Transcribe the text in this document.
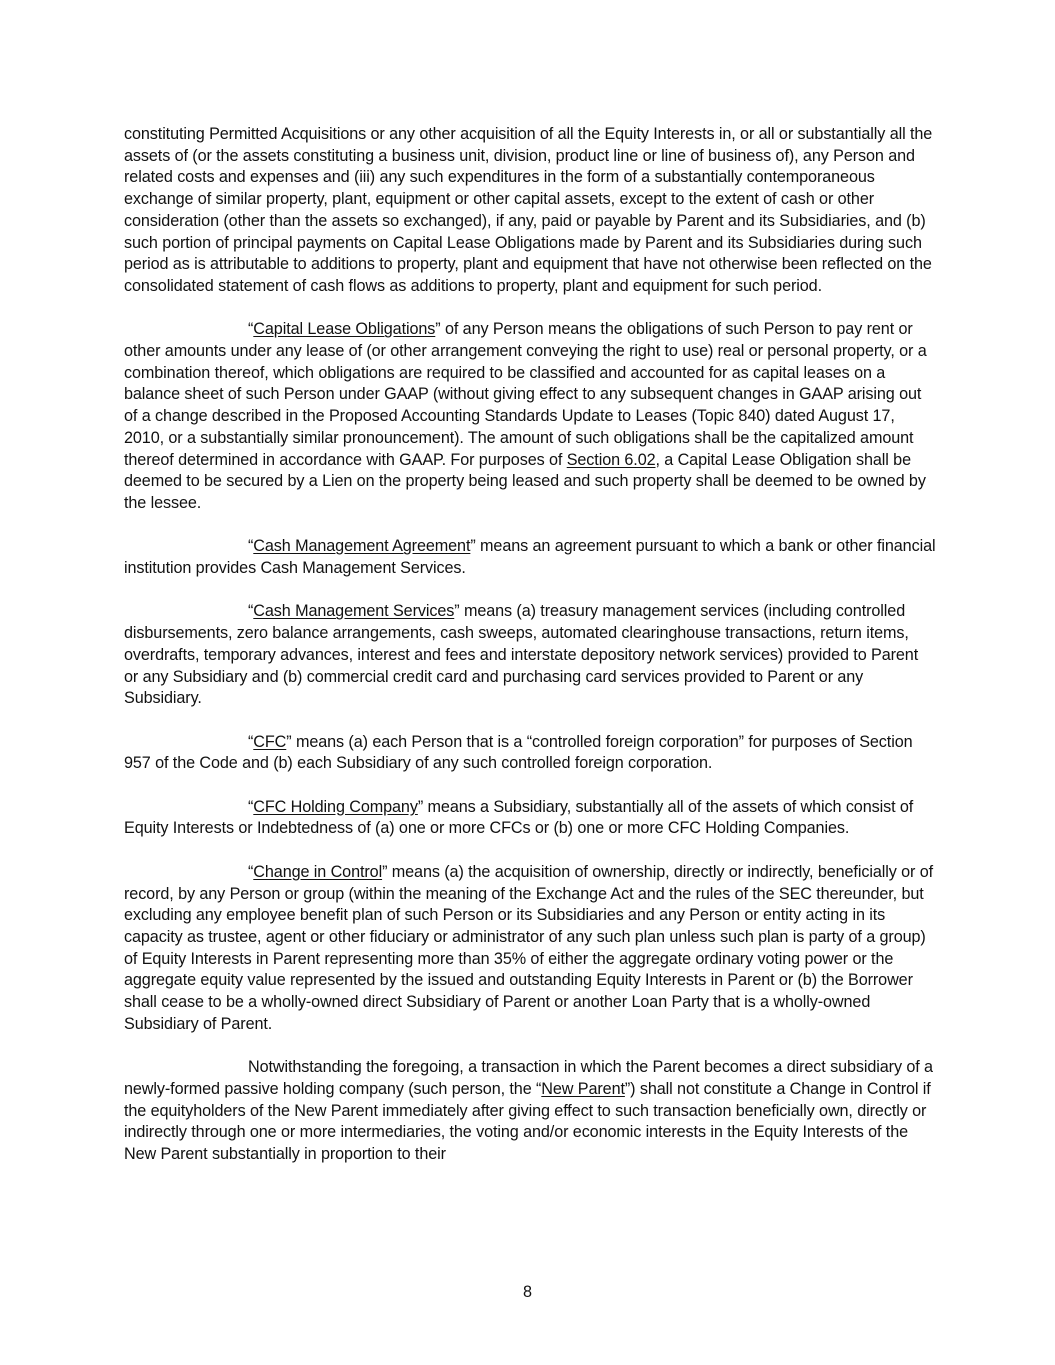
constituting Permitted Acquisitions or any other acquisition of all the Equity Interests in, or all or substantially all the assets of (or the assets constituting a business unit, division, product line or line of business of), any Person and related costs and expenses and (iii) any such expenditures in the form of a substantially contemporaneous exchange of similar property, plant, equipment or other capital assets, except to the extent of cash or other consideration (other than the assets so exchanged), if any, paid or payable by Parent and its Subsidiaries, and (b) such portion of principal payments on Capital Lease Obligations made by Parent and its Subsidiaries during such period as is attributable to additions to property, plant and equipment that have not otherwise been reflected on the consolidated statement of cash flows as additions to property, plant and equipment for such period.

“Capital Lease Obligations” of any Person means the obligations of such Person to pay rent or other amounts under any lease of (or other arrangement conveying the right to use) real or personal property, or a combination thereof, which obligations are required to be classified and accounted for as capital leases on a balance sheet of such Person under GAAP (without giving effect to any subsequent changes in GAAP arising out of a change described in the Proposed Accounting Standards Update to Leases (Topic 840) dated August 17, 2010, or a substantially similar pronouncement). The amount of such obligations shall be the capitalized amount thereof determined in accordance with GAAP. For purposes of Section 6.02, a Capital Lease Obligation shall be deemed to be secured by a Lien on the property being leased and such property shall be deemed to be owned by the lessee.

“Cash Management Agreement” means an agreement pursuant to which a bank or other financial institution provides Cash Management Services.

“Cash Management Services” means (a) treasury management services (including controlled disbursements, zero balance arrangements, cash sweeps, automated clearinghouse transactions, return items, overdrafts, temporary advances, interest and fees and interstate depository network services) provided to Parent or any Subsidiary and (b) commercial credit card and purchasing card services provided to Parent or any Subsidiary.

“CFC” means (a) each Person that is a “controlled foreign corporation” for purposes of Section 957 of the Code and (b) each Subsidiary of any such controlled foreign corporation.

“CFC Holding Company” means a Subsidiary, substantially all of the assets of which consist of Equity Interests or Indebtedness of (a) one or more CFCs or (b) one or more CFC Holding Companies.

“Change in Control” means (a) the acquisition of ownership, directly or indirectly, beneficially or of record, by any Person or group (within the meaning of the Exchange Act and the rules of the SEC thereunder, but excluding any employee benefit plan of such Person or its Subsidiaries and any Person or entity acting in its capacity as trustee, agent or other fiduciary or administrator of any such plan unless such plan is party of a group) of Equity Interests in Parent representing more than 35% of either the aggregate ordinary voting power or the aggregate equity value represented by the issued and outstanding Equity Interests in Parent or (b) the Borrower shall cease to be a wholly-owned direct Subsidiary of Parent or another Loan Party that is a wholly-owned Subsidiary of Parent.

Notwithstanding the foregoing, a transaction in which the Parent becomes a direct subsidiary of a newly-formed passive holding company (such person, the “New Parent”) shall not constitute a Change in Control if the equityholders of the New Parent immediately after giving effect to such transaction beneficially own, directly or indirectly through one or more intermediaries, the voting and/or economic interests in the Equity Interests of the New Parent substantially in proportion to their

8
